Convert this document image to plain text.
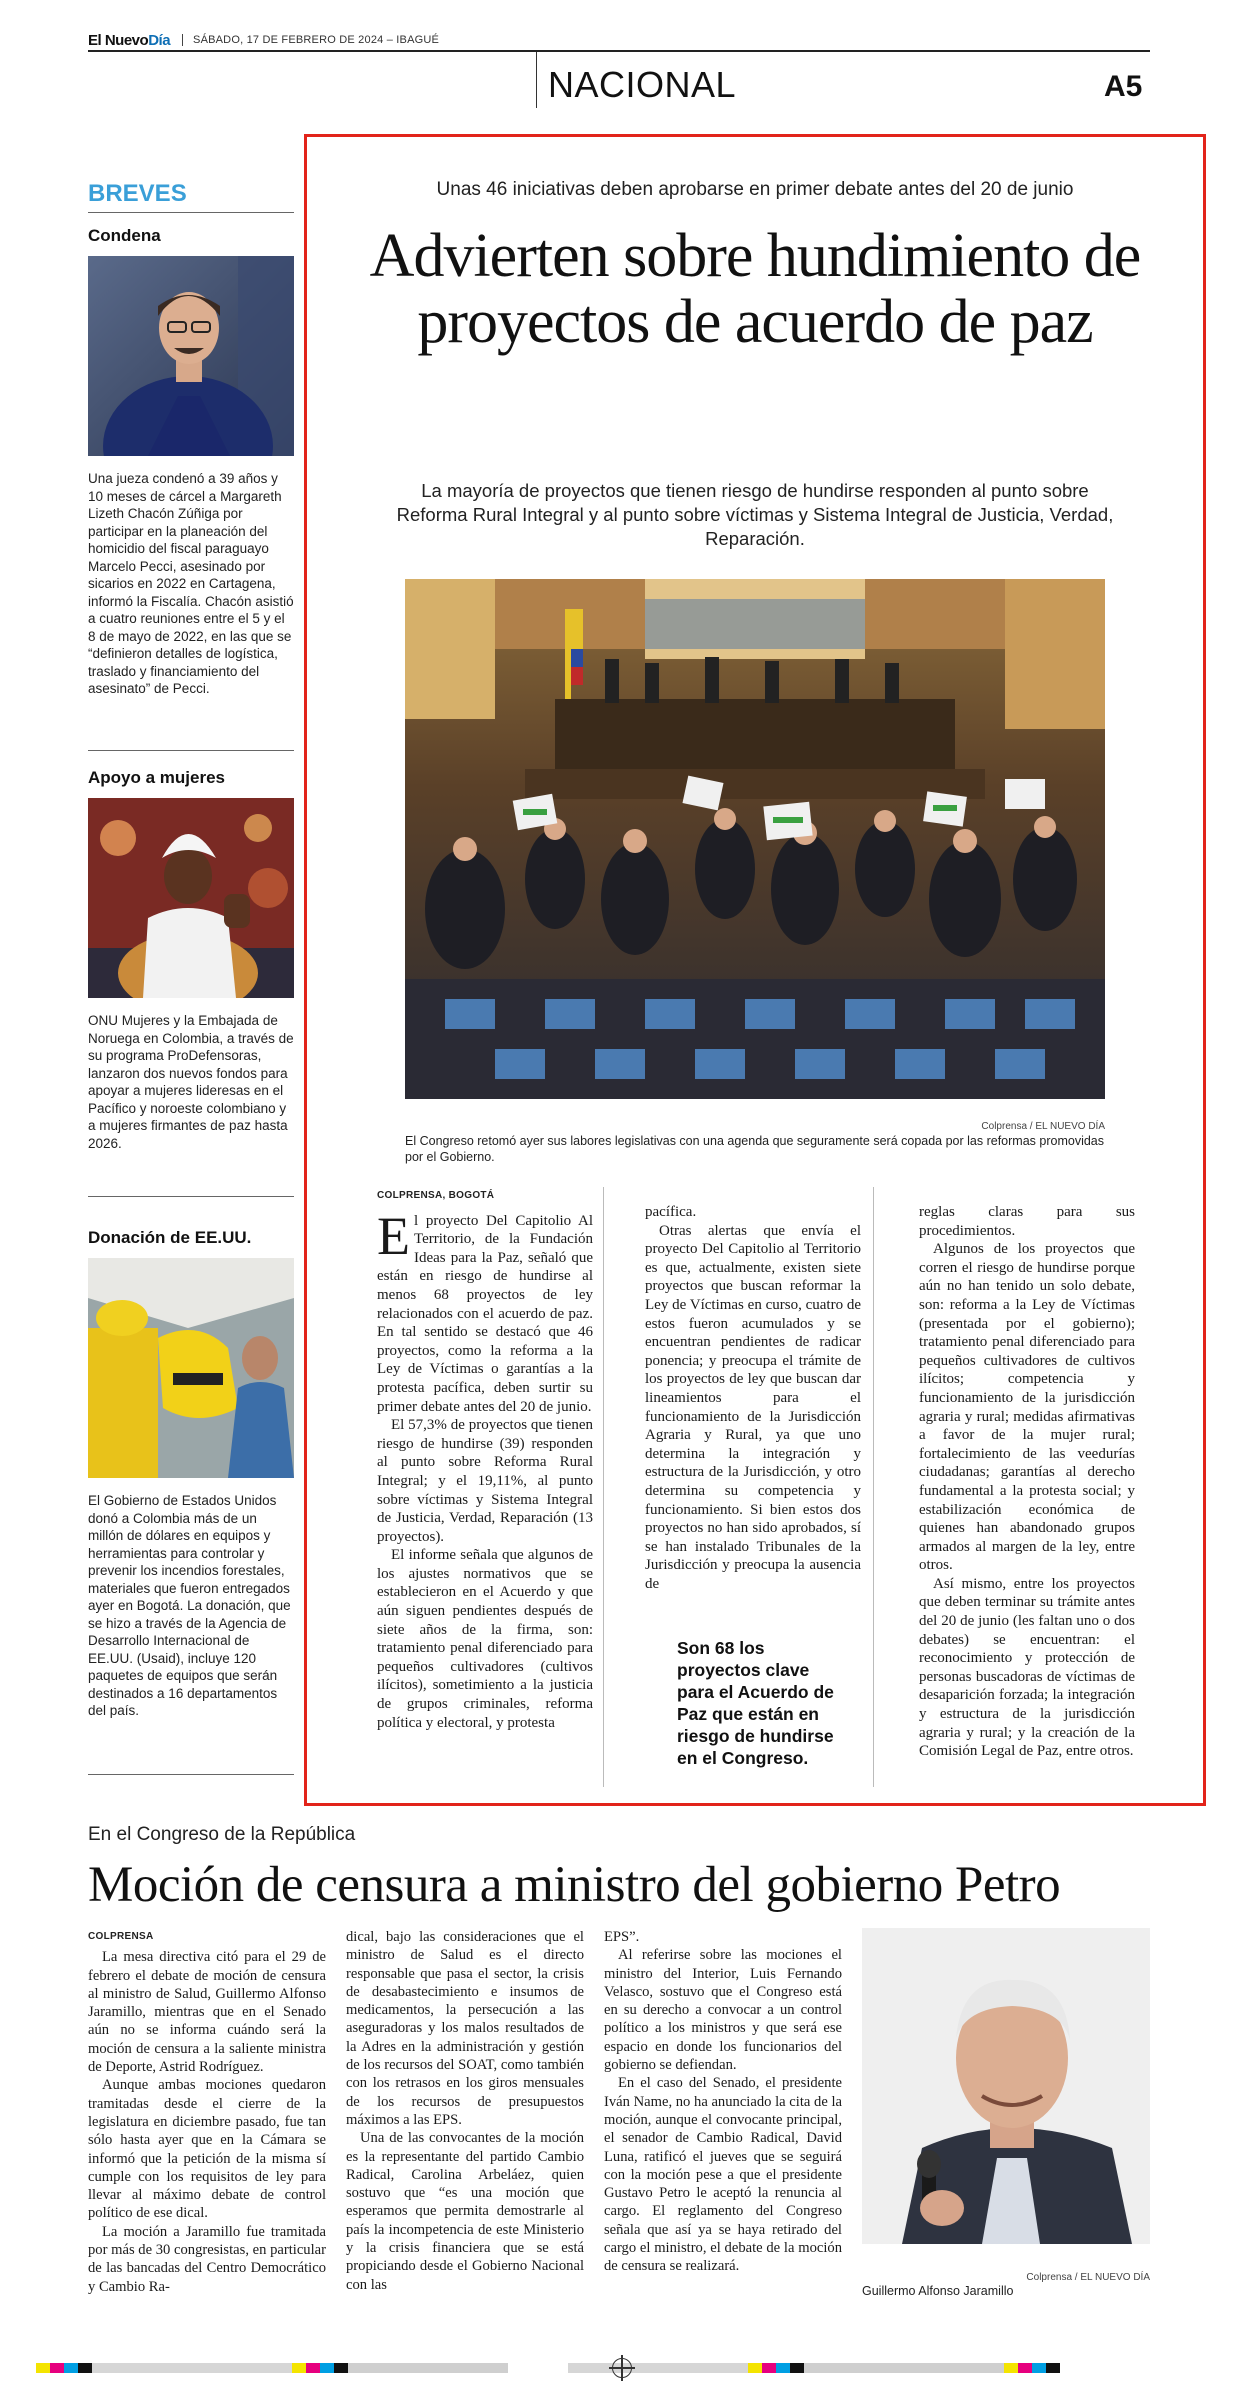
El NuevoDía	SÁBADO, 17 DE FEBRERO DE 2024 – IBAGUÉ
NACIONAL	A5
BREVES
Condena
Una jueza condenó a 39 años y 10 meses de cárcel a Margareth Lizeth Chacón Zúñiga por participar en la planeación del homicidio del fiscal paraguayo Marcelo Pecci, asesinado por sicarios en 2022 en Cartagena, informó la Fiscalía. Chacón asistió a cuatro reuniones entre el 5 y el 8 de mayo de 2022, en las que se “definieron detalles de logística, traslado y financiamiento del asesinato” de Pecci.
Apoyo a mujeres
ONU Mujeres y la Embajada de Noruega en Colombia, a través de su programa ProDefensoras, lanzaron dos nuevos fondos para apoyar a mujeres lideresas en el Pacífico y noroeste colombiano y a mujeres firmantes de paz hasta 2026.
Donación de EE.UU.
El Gobierno de Estados Unidos donó a Colombia más de un millón de dólares en equipos y herramientas para controlar y prevenir los incendios forestales, materiales que fueron entregados ayer en Bogotá. La donación, que se hizo a través de la Agencia de Desarrollo Internacional de EE.UU. (Usaid), incluye 120 paquetes de equipos que serán destinados a 16 departamentos del país.
Unas 46 iniciativas deben aprobarse en primer debate antes del 20 de junio
Advierten sobre hundimiento de proyectos de acuerdo de paz
La mayoría de proyectos que tienen riesgo de hundirse responden al punto sobre Reforma Rural Integral y al punto sobre víctimas y Sistema Integral de Justicia, Verdad, Reparación.
Colprensa / EL NUEVO DÍA
El Congreso retomó ayer sus labores legislativas con una agenda que seguramente será copada por las reformas promovidas por el Gobierno.
COLPRENSA, BOGOTÁ

El proyecto Del Capitolio Al Territorio, de la Fundación Ideas para la Paz, señaló que están en riesgo de hundirse al menos 68 proyectos de ley relacionados con el acuerdo de paz. En tal sentido se destacó que 46 proyectos, como la reforma a la Ley de Víctimas o garantías a la protesta pacífica, deben surtir su primer debate antes del 20 de junio.

El 57,3% de proyectos que tienen riesgo de hundirse (39) responden al punto sobre Reforma Rural Integral; y el 19,11%, al punto sobre víctimas y Sistema Integral de Justicia, Verdad, Reparación (13 proyectos).

El informe señala que algunos de los ajustes normativos que se establecieron en el Acuerdo y que aún siguen pendientes después de siete años de la firma, son: tratamiento penal diferenciado para pequeños cultivadores (cultivos ilícitos), sometimiento a la justicia de grupos criminales, reforma política y electoral, y protesta

pacífica.

Otras alertas que envía el proyecto Del Capitolio al Territorio es que, actualmente, existen siete proyectos que buscan reformar la Ley de Víctimas en curso, cuatro de estos fueron acumulados y se encuentran pendientes de radicar ponencia; y preocupa el trámite de los proyectos de ley que buscan dar lineamientos para el funcionamiento de la Jurisdicción Agraria y Rural, ya que uno determina la integración y estructura de la Jurisdicción, y otro determina su competencia y funcionamiento. Si bien estos dos proyectos no han sido aprobados, sí se han instalado Tribunales de la Jurisdicción y preocupa la ausencia de

Son 68 los proyectos clave para el Acuerdo de Paz que están en riesgo de hundirse en el Congreso.

reglas claras para sus procedimientos.

Algunos de los proyectos que corren el riesgo de hundirse porque aún no han tenido un solo debate, son: reforma a la Ley de Víctimas (presentada por el gobierno); tratamiento penal diferenciado para pequeños cultivadores de cultivos ilícitos; competencia y funcionamiento de la jurisdicción agraria y rural; medidas afirmativas a favor de la mujer rural; fortalecimiento de las veedurías ciudadanas; garantías al derecho fundamental a la protesta social; y estabilización económica de quienes han abandonado grupos armados al margen de la ley, entre otros.

Así mismo, entre los proyectos que deben terminar su trámite antes del 20 de junio (les faltan uno o dos debates) se encuentran: el reconocimiento y protección de personas buscadoras de víctimas de desaparición forzada; la integración y estructura de la jurisdicción agraria y rural; y la creación de la Comisión Legal de Paz, entre otros.

En el Congreso de la República
Moción de censura a ministro del gobierno Petro
COLPRENSA

La mesa directiva citó para el 29 de febrero el debate de moción de censura al ministro de Salud, Guillermo Alfonso Jaramillo, mientras que en el Senado aún no se informa cuándo será la moción de censura a la saliente ministra de Deporte, Astrid Rodríguez.

Aunque ambas mociones quedaron tramitadas desde el cierre de la legislatura en diciembre pasado, fue tan sólo hasta ayer que en la Cámara se informó que la petición de la misma sí cumple con los requisitos de ley para llevar al máximo debate de control político de ese dical.

La moción a Jaramillo fue tramitada por más de 30 congresistas, en particular de las bancadas del Centro Democrático y Cambio Ra-

dical, bajo las consideraciones que el ministro de Salud es el directo responsable que pasa el sector, la crisis de desabastecimiento e insumos de medicamentos, la persecución a las aseguradoras y los malos resultados de la Adres en la administración y gestión de los recursos del SOAT, como también con los retrasos en los giros mensuales de los recursos de presupuestos máximos a las EPS.

Una de las convocantes de la moción es la representante del partido Cambio Radical, Carolina Arbeláez, quien sostuvo que “es una moción que esperamos que permita demostrarle al país la incompetencia de este Ministerio y la crisis financiera que se está propiciando desde el Gobierno Nacional con las

EPS”.

Al referirse sobre las mociones el ministro del Interior, Luis Fernando Velasco, sostuvo que el Congreso está en su derecho a convocar a un control político a los ministros y que será ese espacio en donde los funcionarios del gobierno se defiendan.

En el caso del Senado, el presidente Iván Name, no ha anunciado la cita de la moción, aunque el convocante principal, el senador de Cambio Radical, David Luna, ratificó el jueves que se seguirá con la moción pese a que el presidente Gustavo Petro le aceptó la renuncia al cargo. El reglamento del Congreso señala que así ya se haya retirado del cargo el ministro, el debate de la moción de censura se realizará.

Colprensa / EL NUEVO DÍA
Guillermo Alfonso Jaramillo
